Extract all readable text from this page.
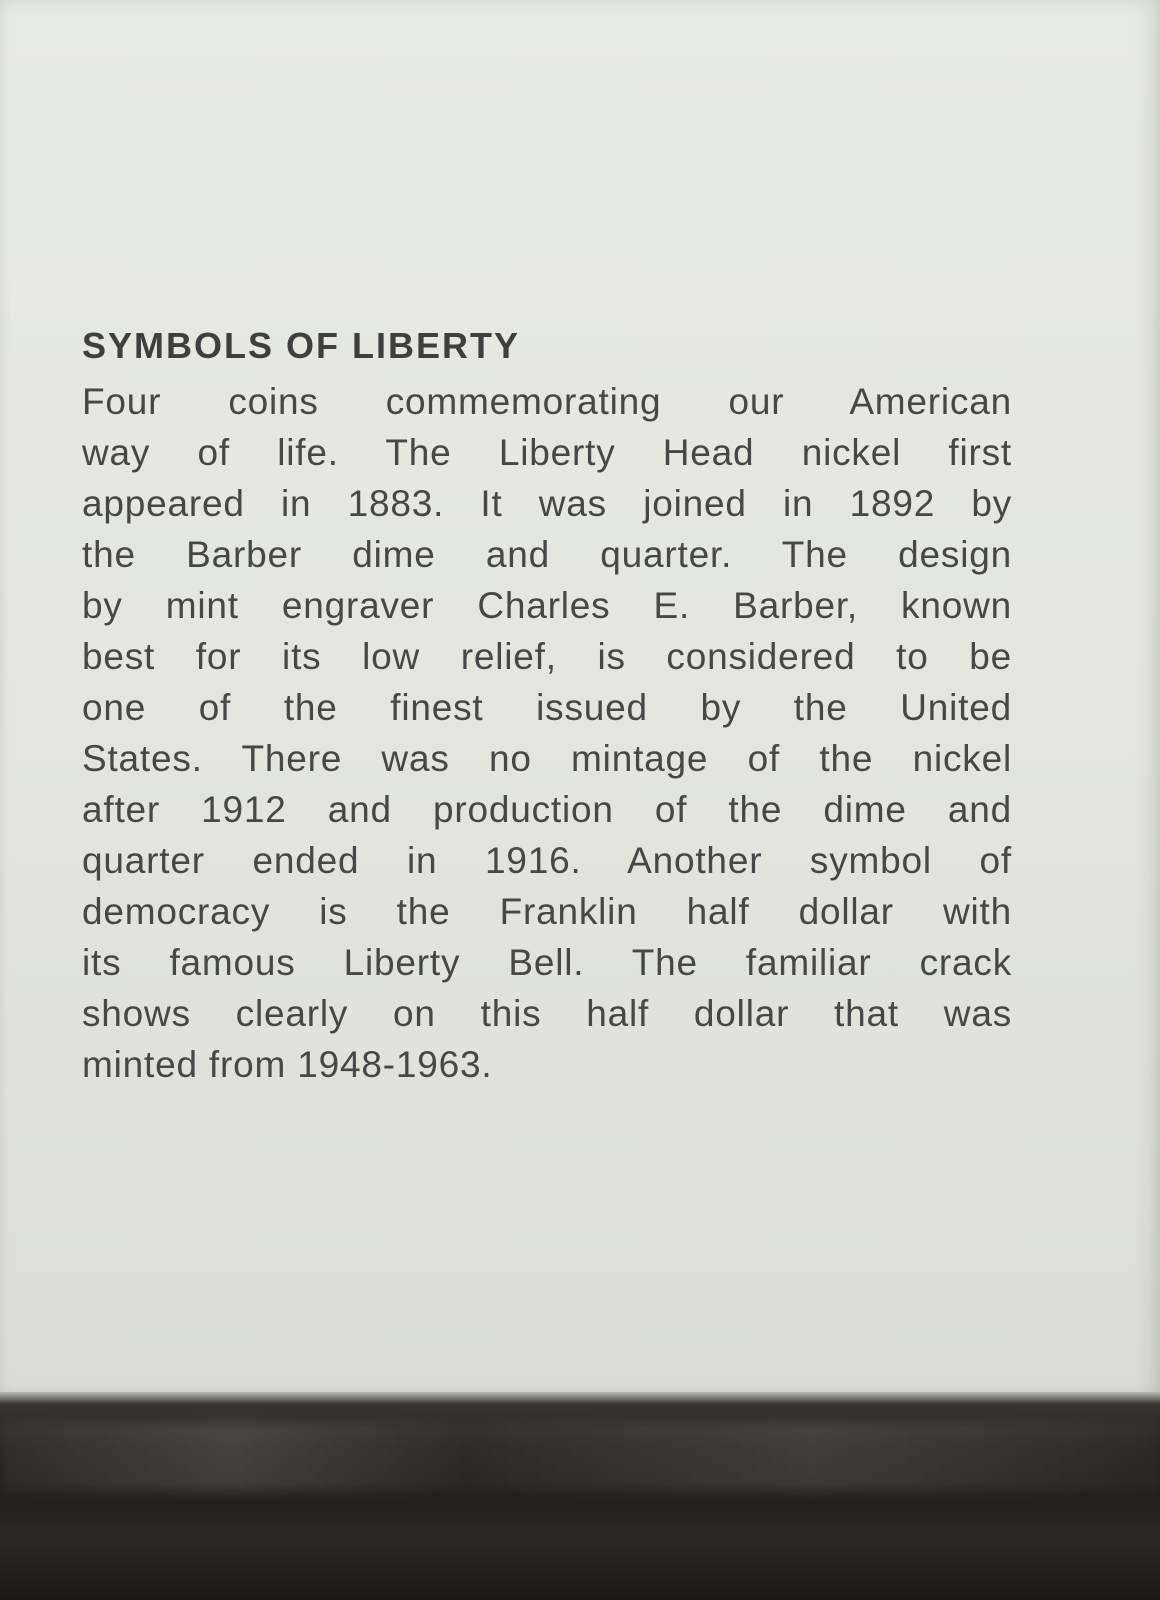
SYMBOLS OF LIBERTY
Four coins commemorating our American
way of life. The Liberty Head nickel first
appeared in 1883. It was joined in 1892 by
the Barber dime and quarter. The design
by mint engraver Charles E. Barber, known
best for its low relief, is considered to be
one of the finest issued by the United
States. There was no mintage of the nickel
after 1912 and production of the dime and
quarter ended in 1916. Another symbol of
democracy is the Franklin half dollar with
its famous Liberty Bell. The familiar crack
shows clearly on this half dollar that was
minted from 1948-1963.
